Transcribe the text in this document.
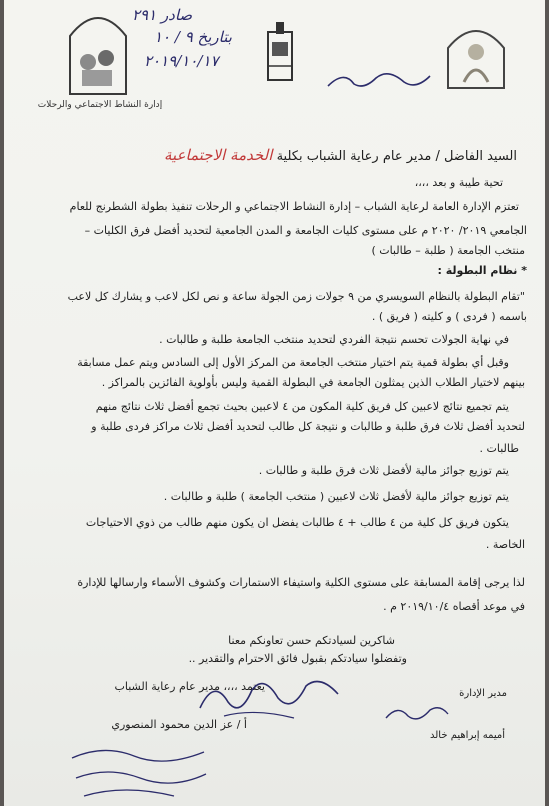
إدارة النشاط الاجتماعي والرحلات
صادر ٢٩١
بتاريخ ٩ / ١٠
٢٠١٩/١٠/١٧
السيد الفاضل / مدير عام رعاية الشباب بكلية الخدمة الاجتماعية
تحية طيبة و بعد ،،،،
تعتزم الإدارة العامة لرعاية الشباب – إدارة النشاط الاجتماعي و الرحلات تنفيذ بطولة الشطرنج للعام
الجامعي ٢٠١٩/ ٢٠٢٠ م على مستوى كليات الجامعة و المدن الجامعية لتحديد أفضل فرق الكليات –
منتخب الجامعة ( طلبة – طالبات )
* نظام البطولة :
"تقام البطولة بالنظام السويسري من ٩ جولات زمن الجولة ساعة و نص لكل لاعب و يشارك كل لاعب
باسمه ( فردى ) و كليته ( فريق ) .
في نهاية الجولات تحسم نتيجة الفردي لتحديد منتخب الجامعة طلبة و طالبات .
وقبل أي بطولة قمية يتم اختيار منتخب الجامعة من المركز الأول إلى السادس ويتم عمل مسابقة
بينهم لاختيار الطلاب الذين يمثلون الجامعة في البطولة القمية وليس بأولوية الفائزين بالمراكز .
يتم تجميع نتائج لاعبين كل فريق كلية المكون من ٤ لاعبين بحيث تجمع أفضل ثلاث نتائج منهم
لتحديد أفضل ثلاث فرق طلبة و طالبات و نتيجة كل طالب لتحديد أفضل ثلاث مراكز فردى طلبة و
طالبات .
يتم توزيع جوائز مالية لأفضل ثلاث فرق طلبة و طالبات .
يتم توزيع جوائز مالية لأفضل ثلاث لاعبين ( منتخب الجامعة ) طلبة و طالبات .
يتكون فريق كل كلية من ٤ طالب + ٤ طالبات يفضل ان يكون منهم طالب من ذوي الاحتياجات
الخاصة .
لذا يرجى إقامة المسابقة على مستوى الكلية واستيفاء الاستمارات وكشوف الأسماء وارسالها للإدارة
في موعد أقصاه ٢٠١٩/١٠/٤ م .
شاكرين لسيادتكم حسن تعاونكم معنا
وتفضلوا سيادتكم بقبول فائق الاحترام والتقدير ..
يعتمد ،،،، مدير عام رعاية الشباب
أ / عز الدين محمود المنصوري
مدير الإدارة
أميمه إبراهيم خالد
